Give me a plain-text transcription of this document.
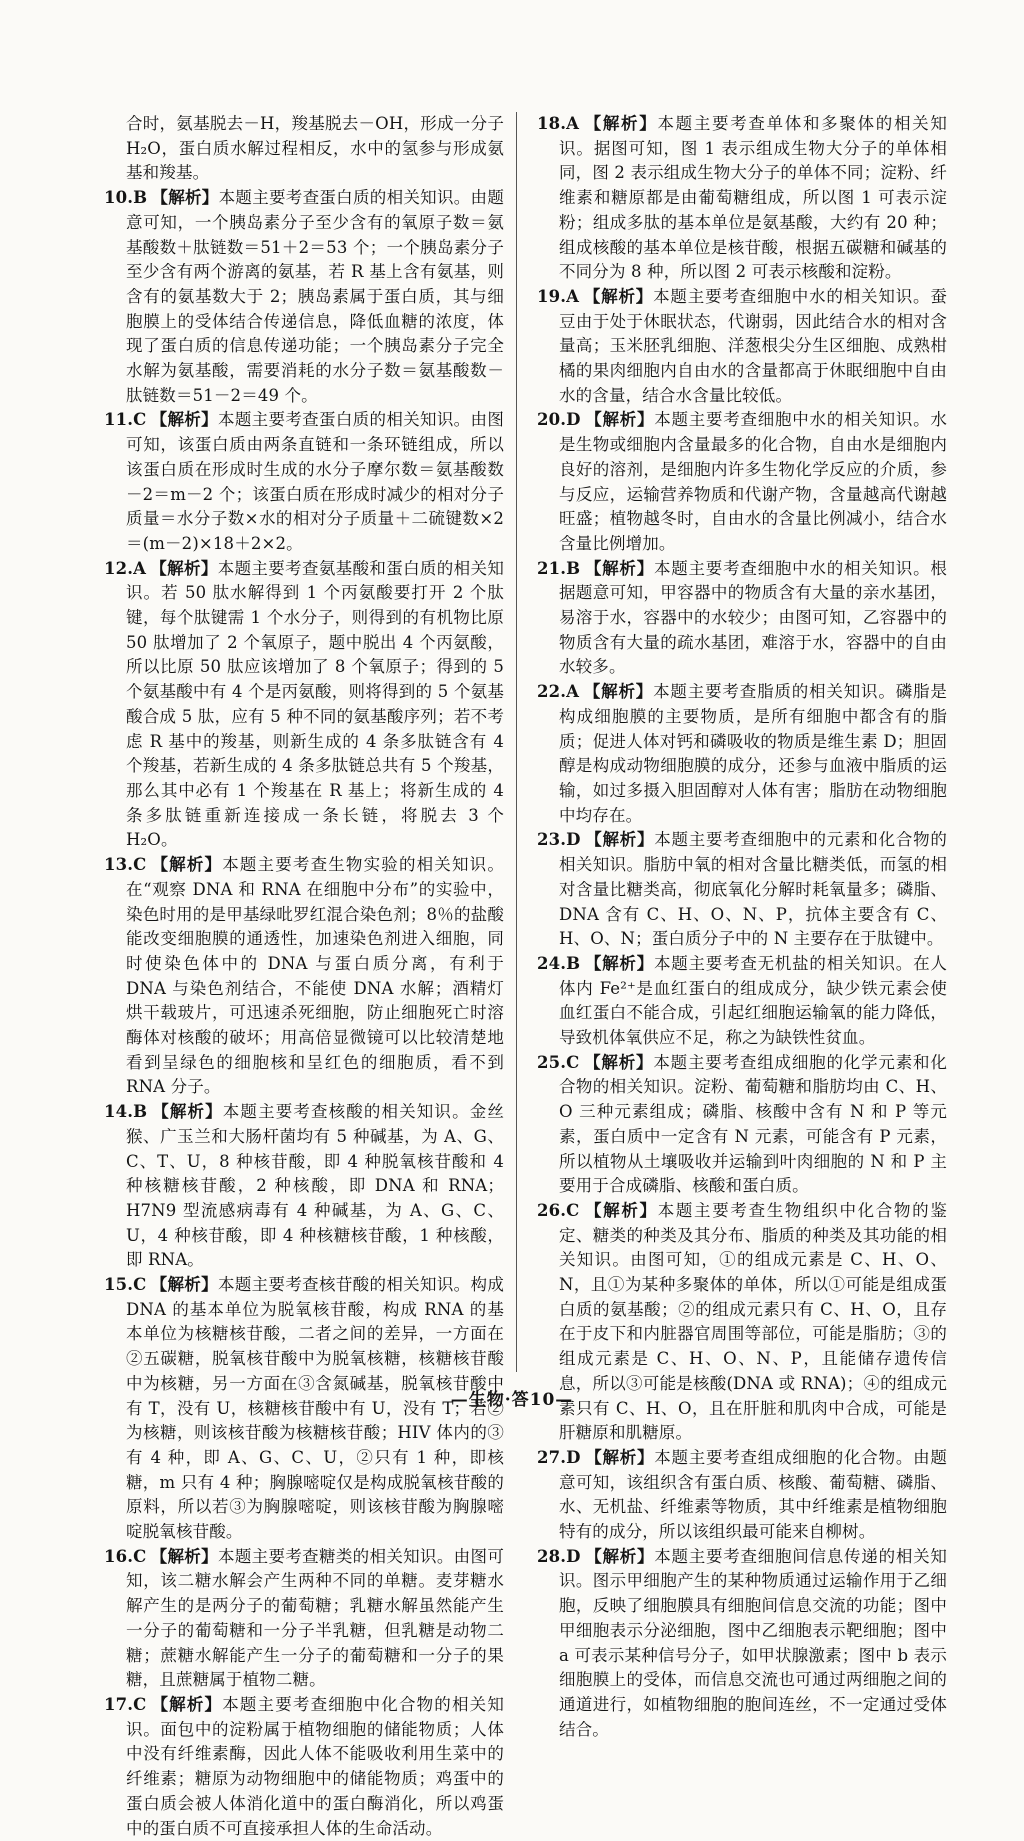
合时，氨基脱去－H，羧基脱去－OH，形成一分子 H₂O，蛋白质水解过程相反，水中的氢参与形成氨基和羧基。
10.B 【解析】本题主要考查蛋白质的相关知识。由题意可知，一个胰岛素分子至少含有的氧原子数＝氨基酸数＋肽链数＝51＋2＝53 个；一个胰岛素分子至少含有两个游离的氨基，若 R 基上含有氨基，则含有的氨基数大于 2；胰岛素属于蛋白质，其与细胞膜上的受体结合传递信息，降低血糖的浓度，体现了蛋白质的信息传递功能；一个胰岛素分子完全水解为氨基酸，需要消耗的水分子数＝氨基酸数－肽链数＝51－2＝49 个。
11.C 【解析】本题主要考查蛋白质的相关知识。由图可知，该蛋白质由两条直链和一条环链组成，所以该蛋白质在形成时生成的水分子摩尔数＝氨基酸数－2＝m－2 个；该蛋白质在形成时减少的相对分子质量＝水分子数×水的相对分子质量＋二硫键数×2＝(m－2)×18＋2×2。
12.A 【解析】本题主要考查氨基酸和蛋白质的相关知识。若 50 肽水解得到 1 个丙氨酸要打开 2 个肽键，每个肽键需 1 个水分子，则得到的有机物比原 50 肽增加了 2 个氧原子，题中脱出 4 个丙氨酸，所以比原 50 肽应该增加了 8 个氧原子；得到的 5 个氨基酸中有 4 个是丙氨酸，则将得到的 5 个氨基酸合成 5 肽，应有 5 种不同的氨基酸序列；若不考虑 R 基中的羧基，则新生成的 4 条多肽链含有 4 个羧基，若新生成的 4 条多肽链总共有 5 个羧基，那么其中必有 1 个羧基在 R 基上；将新生成的 4 条多肽链重新连接成一条长链，将脱去 3 个 H₂O。
13.C 【解析】本题主要考查生物实验的相关知识。在“观察 DNA 和 RNA 在细胞中分布”的实验中，染色时用的是甲基绿吡罗红混合染色剂；8％的盐酸能改变细胞膜的通透性，加速染色剂进入细胞，同时使染色体中的 DNA 与蛋白质分离，有利于 DNA 与染色剂结合，不能使 DNA 水解；酒精灯烘干载玻片，可迅速杀死细胞，防止细胞死亡时溶酶体对核酸的破坏；用高倍显微镜可以比较清楚地看到呈绿色的细胞核和呈红色的细胞质，看不到 RNA 分子。
14.B 【解析】本题主要考查核酸的相关知识。金丝猴、广玉兰和大肠杆菌均有 5 种碱基，为 A、G、C、T、U，8 种核苷酸，即 4 种脱氧核苷酸和 4 种核糖核苷酸，2 种核酸，即 DNA 和 RNA；H7N9 型流感病毒有 4 种碱基，为 A、G、C、U，4 种核苷酸，即 4 种核糖核苷酸，1 种核酸，即 RNA。
15.C 【解析】本题主要考查核苷酸的相关知识。构成 DNA 的基本单位为脱氧核苷酸，构成 RNA 的基本单位为核糖核苷酸，二者之间的差异，一方面在②五碳糖，脱氧核苷酸中为脱氧核糖，核糖核苷酸中为核糖，另一方面在③含氮碱基，脱氧核苷酸中有 T，没有 U，核糖核苷酸中有 U，没有 T；若②为核糖，则该核苷酸为核糖核苷酸；HIV 体内的③有 4 种，即 A、G、C、U，②只有 1 种，即核糖，m 只有 4 种；胸腺嘧啶仅是构成脱氧核苷酸的原料，所以若③为胸腺嘧啶，则该核苷酸为胸腺嘧啶脱氧核苷酸。
16.C 【解析】本题主要考查糖类的相关知识。由图可知，该二糖水解会产生两种不同的单糖。麦芽糖水解产生的是两分子的葡萄糖；乳糖水解虽然能产生一分子的葡萄糖和一分子半乳糖，但乳糖是动物二糖；蔗糖水解能产生一分子的葡萄糖和一分子的果糖，且蔗糖属于植物二糖。
17.C 【解析】本题主要考查细胞中化合物的相关知识。面包中的淀粉属于植物细胞的储能物质；人体中没有纤维素酶，因此人体不能吸收利用生菜中的纤维素；糖原为动物细胞中的储能物质；鸡蛋中的蛋白质会被人体消化道中的蛋白酶消化，所以鸡蛋中的蛋白质不可直接承担人体的生命活动。
18.A 【解析】本题主要考查单体和多聚体的相关知识。据图可知，图 1 表示组成生物大分子的单体相同，图 2 表示组成生物大分子的单体不同；淀粉、纤维素和糖原都是由葡萄糖组成，所以图 1 可表示淀粉；组成多肽的基本单位是氨基酸，大约有 20 种；组成核酸的基本单位是核苷酸，根据五碳糖和碱基的不同分为 8 种，所以图 2 可表示核酸和淀粉。
19.A 【解析】本题主要考查细胞中水的相关知识。蚕豆由于处于休眠状态，代谢弱，因此结合水的相对含量高；玉米胚乳细胞、洋葱根尖分生区细胞、成熟柑橘的果肉细胞内自由水的含量都高于休眠细胞中自由水的含量，结合水含量比较低。
20.D 【解析】本题主要考查细胞中水的相关知识。水是生物或细胞内含量最多的化合物，自由水是细胞内良好的溶剂，是细胞内许多生物化学反应的介质，参与反应，运输营养物质和代谢产物，含量越高代谢越旺盛；植物越冬时，自由水的含量比例减小，结合水含量比例增加。
21.B 【解析】本题主要考查细胞中水的相关知识。根据题意可知，甲容器中的物质含有大量的亲水基团，易溶于水，容器中的水较少；由图可知，乙容器中的物质含有大量的疏水基团，难溶于水，容器中的自由水较多。
22.A 【解析】本题主要考查脂质的相关知识。磷脂是构成细胞膜的主要物质，是所有细胞中都含有的脂质；促进人体对钙和磷吸收的物质是维生素 D；胆固醇是构成动物细胞膜的成分，还参与血液中脂质的运输，如过多摄入胆固醇对人体有害；脂肪在动物细胞中均存在。
23.D 【解析】本题主要考查细胞中的元素和化合物的相关知识。脂肪中氧的相对含量比糖类低，而氢的相对含量比糖类高，彻底氧化分解时耗氧量多；磷脂、DNA 含有 C、H、O、N、P，抗体主要含有 C、H、O、N；蛋白质分子中的 N 主要存在于肽键中。
24.B 【解析】本题主要考查无机盐的相关知识。在人体内 Fe²⁺是血红蛋白的组成成分，缺少铁元素会使血红蛋白不能合成，引起红细胞运输氧的能力降低，导致机体氧供应不足，称之为缺铁性贫血。
25.C 【解析】本题主要考查组成细胞的化学元素和化合物的相关知识。淀粉、葡萄糖和脂肪均由 C、H、O 三种元素组成；磷脂、核酸中含有 N 和 P 等元素，蛋白质中一定含有 N 元素，可能含有 P 元素，所以植物从土壤吸收并运输到叶肉细胞的 N 和 P 主要用于合成磷脂、核酸和蛋白质。
26.C 【解析】本题主要考查生物组织中化合物的鉴定、糖类的种类及其分布、脂质的种类及其功能的相关知识。由图可知，①的组成元素是 C、H、O、N，且①为某种多聚体的单体，所以①可能是组成蛋白质的氨基酸；②的组成元素只有 C、H、O，且存在于皮下和内脏器官周围等部位，可能是脂肪；③的组成元素是 C、H、O、N、P，且能储存遗传信息，所以③可能是核酸(DNA 或 RNA)；④的组成元素只有 C、H、O，且在肝脏和肌肉中合成，可能是肝糖原和肌糖原。
27.D 【解析】本题主要考查组成细胞的化合物。由题意可知，该组织含有蛋白质、核酸、葡萄糖、磷脂、水、无机盐、纤维素等物质，其中纤维素是植物细胞特有的成分，所以该组织最可能来自柳树。
28.D 【解析】本题主要考查细胞间信息传递的相关知识。图示甲细胞产生的某种物质通过运输作用于乙细胞，反映了细胞膜具有细胞间信息交流的功能；图中甲细胞表示分泌细胞，图中乙细胞表示靶细胞；图中 a 可表示某种信号分子，如甲状腺激素；图中 b 表示细胞膜上的受体，而信息交流也可通过两细胞之间的通道进行，如植物细胞的胞间连丝，不一定通过受体结合。
—生物·答10—
